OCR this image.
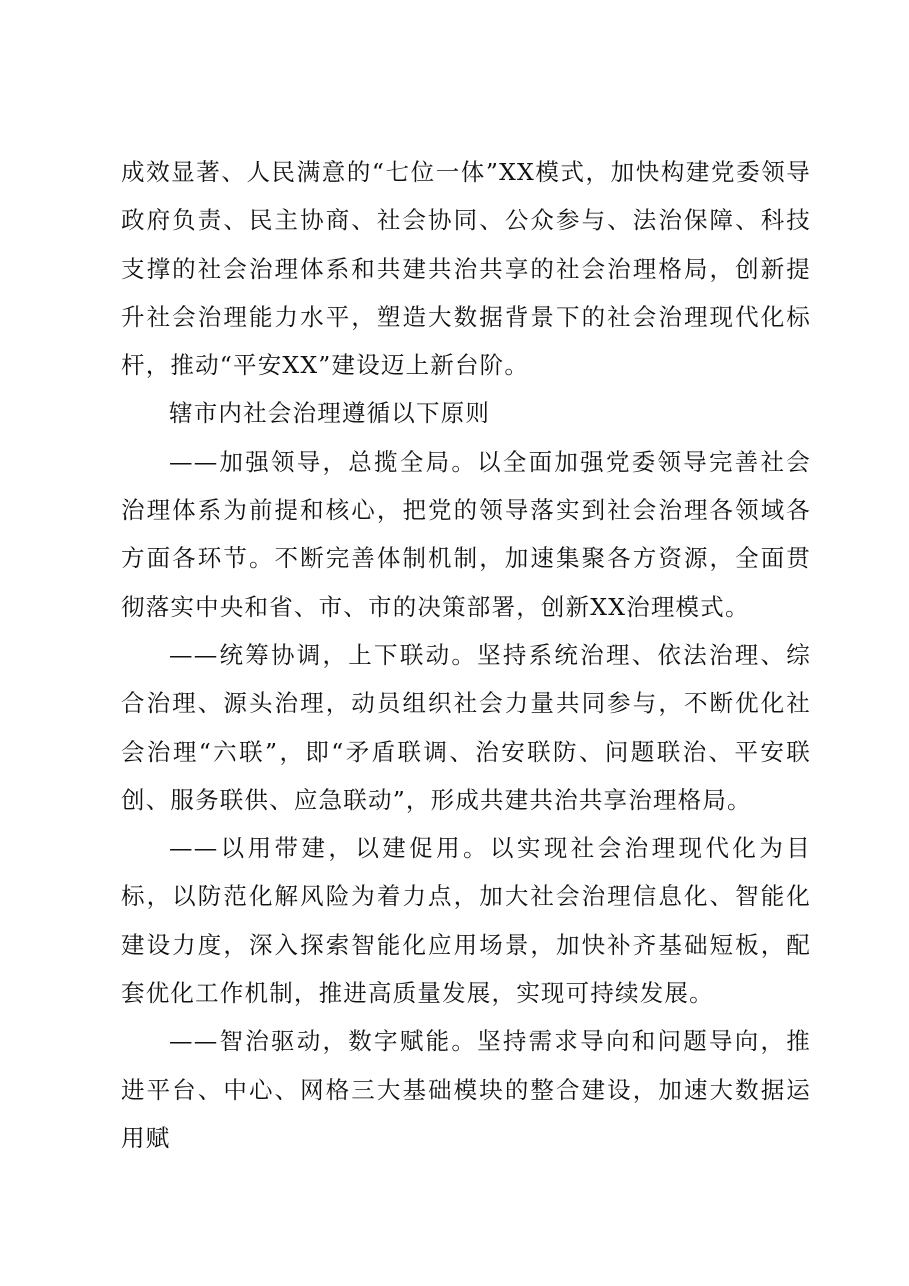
成效显著、人民满意的“七位一体”XX模式，加快构建党委领导政府负责、民主协商、社会协同、公众参与、法治保障、科技支撑的社会治理体系和共建共治共享的社会治理格局，创新提升社会治理能力水平，塑造大数据背景下的社会治理现代化标杆，推动“平安XX”建设迈上新台阶。

辖市内社会治理遵循以下原则

——加强领导，总揽全局。以全面加强党委领导完善社会治理体系为前提和核心，把党的领导落实到社会治理各领域各方面各环节。不断完善体制机制，加速集聚各方资源，全面贯彻落实中央和省、市、市的决策部署，创新XX治理模式。

——统筹协调，上下联动。坚持系统治理、依法治理、综合治理、源头治理，动员组织社会力量共同参与，不断优化社会治理“六联”，即“矛盾联调、治安联防、问题联治、平安联创、服务联供、应急联动”，形成共建共治共享治理格局。

——以用带建，以建促用。以实现社会治理现代化为目标，以防范化解风险为着力点，加大社会治理信息化、智能化建设力度，深入探索智能化应用场景，加快补齐基础短板，配套优化工作机制，推进高质量发展，实现可持续发展。

——智治驱动，数字赋能。坚持需求导向和问题导向，推进平台、中心、网格三大基础模块的整合建设，加速大数据运用赋
